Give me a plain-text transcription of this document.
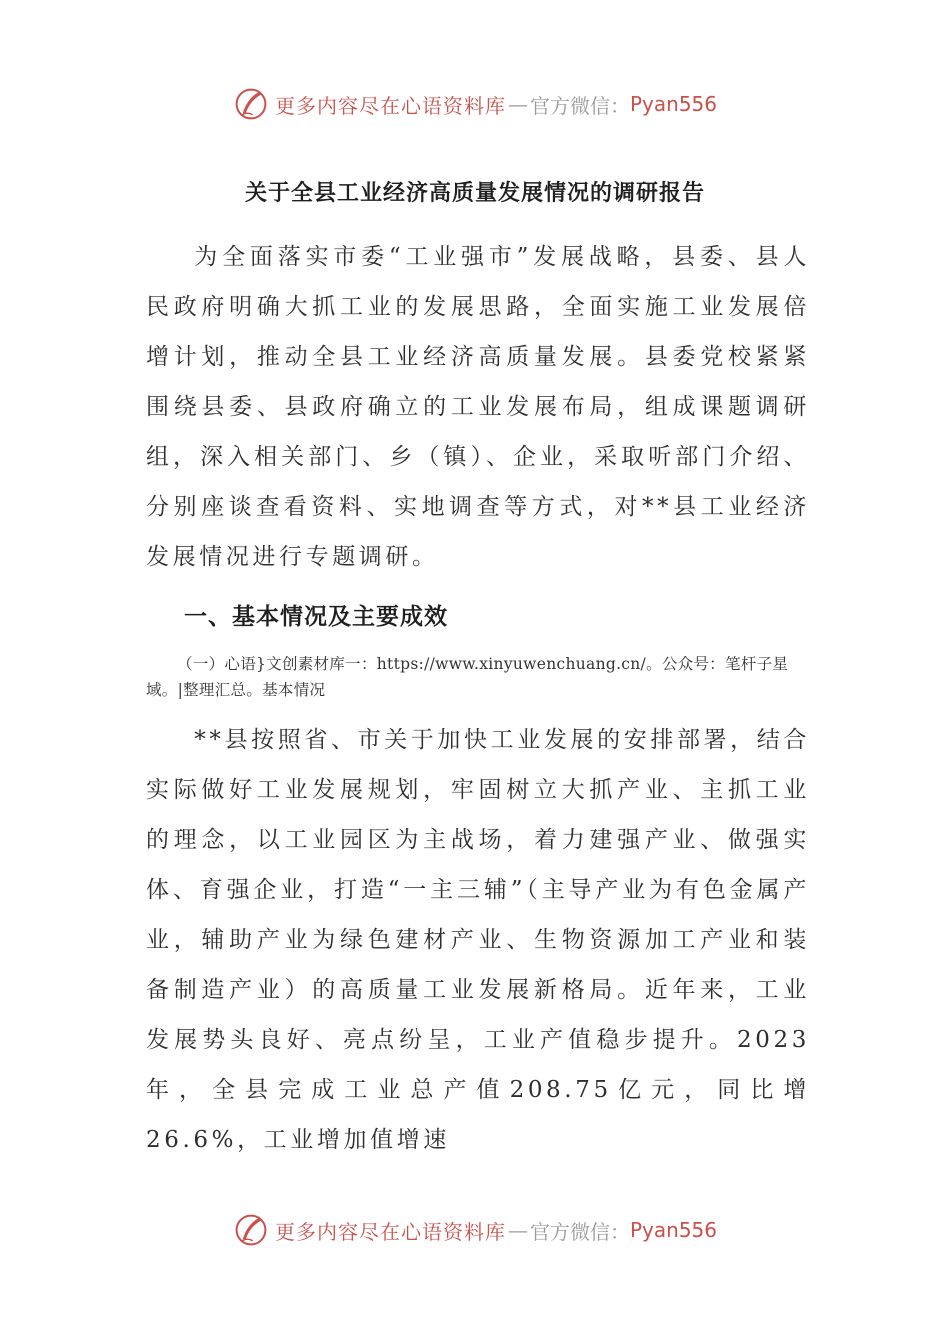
更多内容尽在心语资料库 — 官方微信： Pyan556
关于全县工业经济高质量发展情况的调研报告

为全面落实市委“工业强市”发展战略，县委、县人民政府明确大抓工业的发展思路，全面实施工业发展倍增计划，推动全县工业经济高质量发展。县委党校紧紧围绕县委、县政府确立的工业发展布局，组成课题调研组，深入相关部门、乡（镇）、企业，采取听部门介绍、分别座谈查看资料、实地调查等方式，对**县工业经济发展情况进行专题调研。

一、基本情况及主要成效

（一）心语}文创素材库一：https://www.xinyuwenchuang.cn/。公众号：笔杆子星域。|整理汇总。基本情况

**县按照省、市关于加快工业发展的安排部署，结合实际做好工业发展规划，牢固树立大抓产业、主抓工业的理念，以工业园区为主战场，着力建强产业、做强实体、育强企业，打造“一主三辅”（主导产业为有色金属产业，辅助产业为绿色建材产业、生物资源加工产业和装备制造产业）的高质量工业发展新格局。近年来，工业发展势头良好、亮点纷呈，工业产值稳步提升。2023年，全县完成工业总产值208.75亿元，同比增26.6%，工业增加值增速

更多内容尽在心语资料库 — 官方微信： Pyan556
